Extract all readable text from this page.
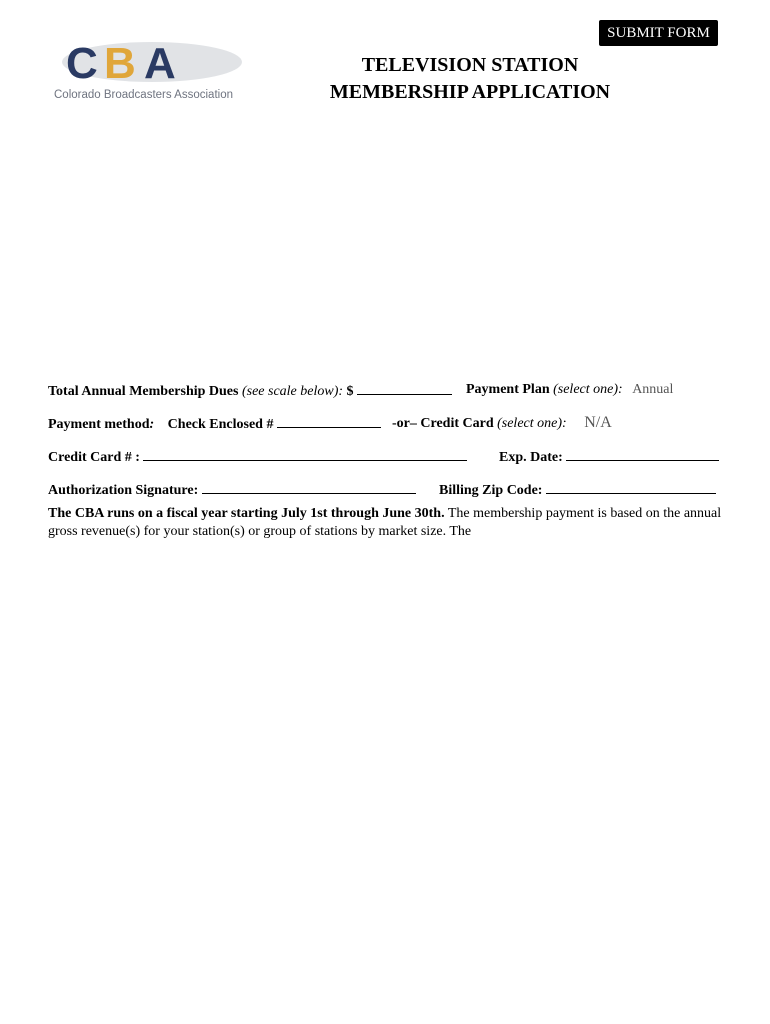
SUBMIT FORM
C B A
Colorado Broadcasters Association
TELEVISION STATION
MEMBERSHIP APPLICATION
Total Annual Membership Dues (see scale below): $	Payment Plan (select one): Annual
Payment method: Check Enclosed #	-or– Credit Card (select one): N/A
Credit Card # :	Exp. Date:
Authorization Signature:	Billing Zip Code:
The CBA runs on a fiscal year starting July 1st through June 30th. The membership payment is based on the annual gross revenue(s) for your station(s) or group of stations by market size. The
